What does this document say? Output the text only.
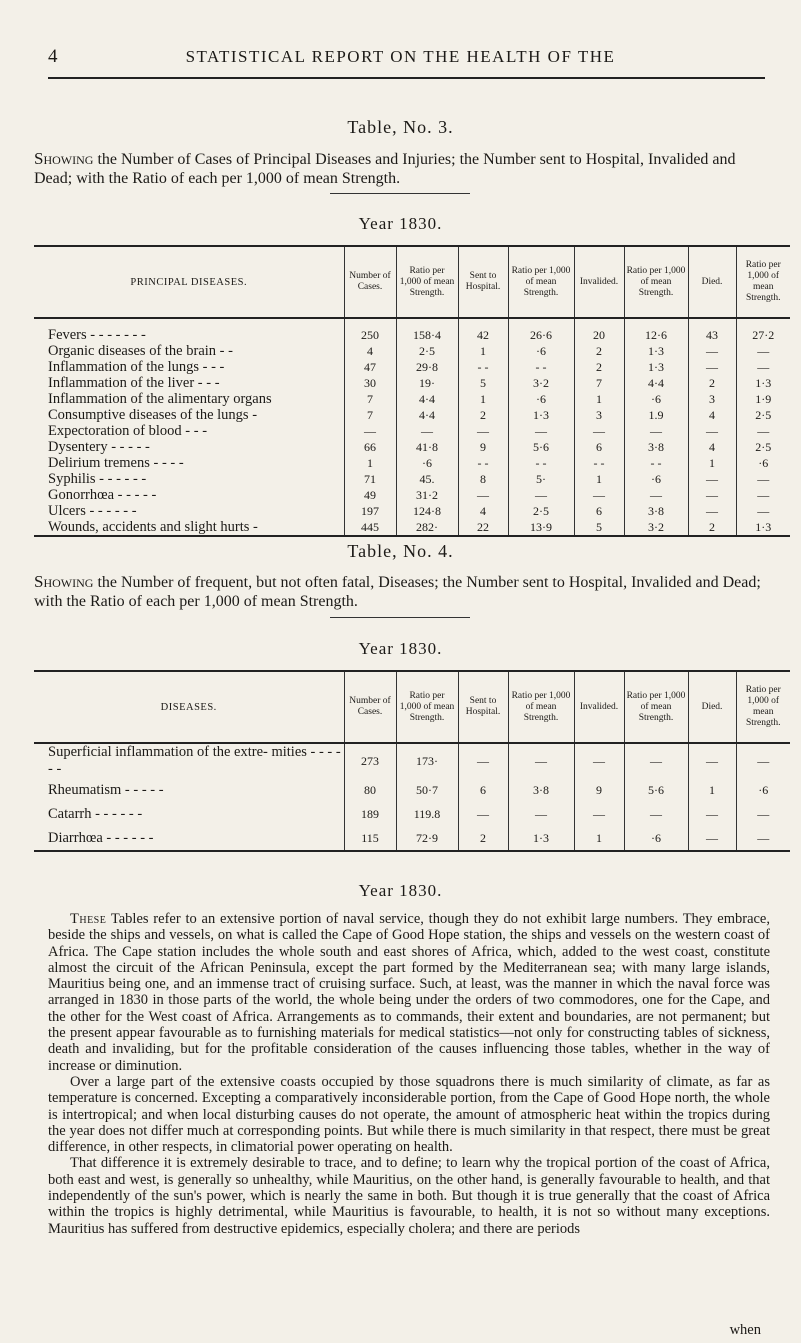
4	STATISTICAL REPORT ON THE HEALTH OF THE
Table, No. 3.
Showing the Number of Cases of Principal Diseases and Injuries; the Number sent to Hospital, Invalided and Dead; with the Ratio of each per 1,000 of mean Strength.
Year 1830.
PRINCIPAL DISEASES.	Number of Cases.	Ratio per 1,000 of mean Strength.	Sent to Hospital.	Ratio per 1,000 of mean Strength.	Invalided.	Ratio per 1,000 of mean Strength.	Died.	Ratio per 1,000 of mean Strength.
Fevers - - - - - - -	250	158·4	42	26·6	20	12·6	43	27·2
Organic diseases of the brain - -	4	2·5	1	·6	2	1·3	—	—
Inflammation of the lungs - - -	47	29·8	- -	- -	2	1·3	—	—
Inflammation of the liver - - -	30	19·	5	3·2	7	4·4	2	1·3
Inflammation of the alimentary organs	7	4·4	1	·6	1	·6	3	1·9
Consumptive diseases of the lungs -	7	4·4	2	1·3	3	1.9	4	2·5
Expectoration of blood - - -	—	—	—	—	—	—	—	—
Dysentery - - - - -	66	41·8	9	5·6	6	3·8	4	2·5
Delirium tremens - - - -	1	·6	- -	- -	- -	- -	1	·6
Syphilis - - - - - -	71	45.	8	5·	1	·6	—	—
Gonorrhœa - - - - -	49	31·2	—	—	—	—	—	—
Ulcers - - - - - -	197	124·8	4	2·5	6	3·8	—	—
Wounds, accidents and slight hurts -	445	282·	22	13·9	5	3·2	2	1·3
Table, No. 4.
Showing the Number of frequent, but not often fatal, Diseases; the Number sent to Hospital, Invalided and Dead; with the Ratio of each per 1,000 of mean Strength.
Year 1830.
DISEASES.	Number of Cases.	Ratio per 1,000 of mean Strength.	Sent to Hospital.	Ratio per 1,000 of mean Strength.	Invalided.	Ratio per 1,000 of mean Strength.	Died.	Ratio per 1,000 of mean Strength.
Superficial inflammation of the extre- mities - - - - - -	273	173·	—	—	—	—	—	—
Rheumatism - - - - -	80	50·7	6	3·8	9	5·6	1	·6
Catarrh - - - - - -	189	119.8	—	—	—	—	—	—
Diarrhœa - - - - - -	115	72·9	2	1·3	1	·6	—	—
Year 1830.

These Tables refer to an extensive portion of naval service, though they do not exhibit large numbers. They embrace, beside the ships and vessels, on what is called the Cape of Good Hope station, the ships and vessels on the western coast of Africa. The Cape station includes the whole south and east shores of Africa, which, added to the west coast, constitute almost the circuit of the African Peninsula, except the part formed by the Mediterranean sea; with many large islands, Mauritius being one, and an immense tract of cruising surface. Such, at least, was the manner in which the naval force was arranged in 1830 in those parts of the world, the whole being under the orders of two commodores, one for the Cape, and the other for the West coast of Africa. Arrangements as to commands, their extent and boundaries, are not permanent; but the present appear favourable as to furnishing materials for medical statistics—not only for constructing tables of sickness, death and invaliding, but for the profitable consideration of the causes influencing those tables, whether in the way of increase or diminution.

Over a large part of the extensive coasts occupied by those squadrons there is much similarity of climate, as far as temperature is concerned. Excepting a comparatively inconsiderable portion, from the Cape of Good Hope north, the whole is intertropical; and when local disturbing causes do not operate, the amount of atmospheric heat within the tropics during the year does not differ much at corresponding points. But while there is much similarity in that respect, there must be great difference, in other respects, in climatorial power operating on health.

That difference it is extremely desirable to trace, and to define; to learn why the tropical portion of the coast of Africa, both east and west, is generally so unhealthy, while Mauritius, on the other hand, is generally favourable to health, and that independently of the sun's power, which is nearly the same in both. But though it is true generally that the coast of Africa within the tropics is highly detrimental, while Mauritius is favourable, to health, it is not so without many exceptions. Mauritius has suffered from destructive epidemics, especially cholera; and there are periods

when
